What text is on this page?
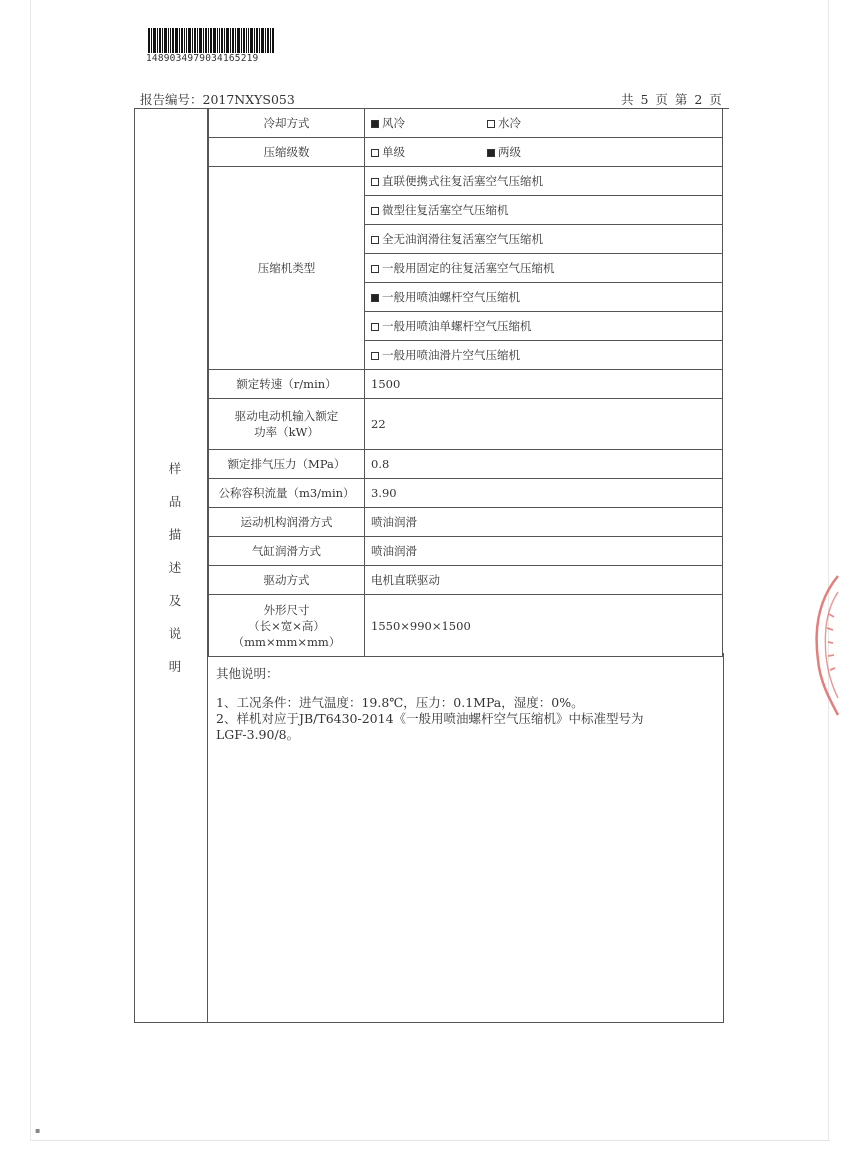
1489034979034165219
报告编号：2017NXYS053	共 5 页 第 2 页
样
品
描
述
及
说
明
冷却方式	风冷 水冷
压缩级数	单级 两级
压缩机类型	直联便携式往复活塞空气压缩机
	微型往复活塞空气压缩机
	全无油润滑往复活塞空气压缩机
	一般用固定的往复活塞空气压缩机
	一般用喷油螺杆空气压缩机
	一般用喷油单螺杆空气压缩机
	一般用喷油滑片空气压缩机
额定转速（r/min）	1500

驱动电动机输入额定
功率（kW）	22
额定排气压力（MPa）	0.8
公称容积流量（m3/min）	3.90
运动机构润滑方式	喷油润滑
气缸润滑方式	喷油润滑
驱动方式	电机直联驱动

外形尺寸
（长×宽×高）
（mm×mm×mm）	1550×990×1500
其他说明：
1、工况条件：进气温度：19.8℃，压力：0.1MPa，湿度：0%。
2、样机对应于JB/T6430-2014《一般用喷油螺杆空气压缩机》中标准型号为
LGF-3.90/8。
▪
